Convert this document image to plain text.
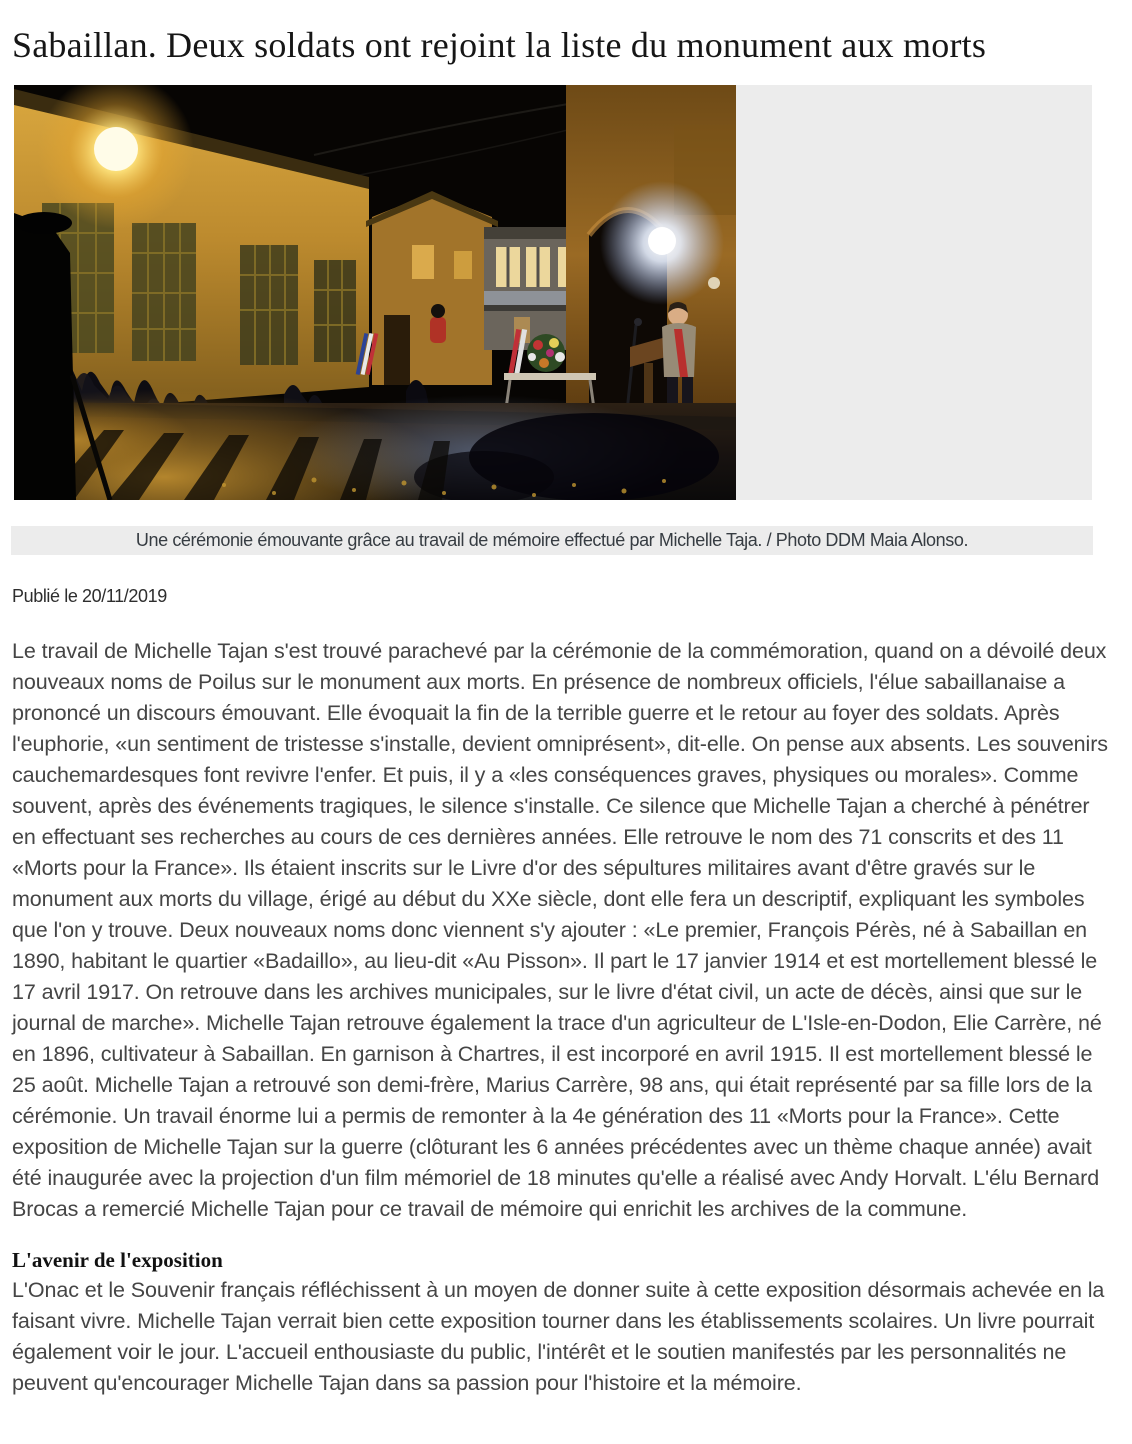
Sabaillan. Deux soldats ont rejoint la liste du monument aux morts
Une cérémonie émouvante grâce au travail de mémoire effectué par Michelle Taja. / Photo DDM Maia Alonso.
Publié le 20/11/2019

Le travail de Michelle Tajan s'est trouvé parachevé par la cérémonie de la commémoration, quand on a dévoilé deux nouveaux noms de Poilus sur le monument aux morts. En présence de nombreux officiels, l'élue sabaillanaise a prononcé un discours émouvant. Elle évoquait la fin de la terrible guerre et le retour au foyer des soldats. Après l'euphorie, «un sentiment de tristesse s'installe, devient omniprésent», dit-elle. On pense aux absents. Les souvenirs cauchemardesques font revivre l'enfer. Et puis, il y a «les conséquences graves, physiques ou morales». Comme souvent, après des événements tragiques, le silence s'installe. Ce silence que Michelle Tajan a cherché à pénétrer en effectuant ses recherches au cours de ces dernières années. Elle retrouve le nom des 71 conscrits et des 11 «Morts pour la France». Ils étaient inscrits sur le Livre d'or des sépultures militaires avant d'être gravés sur le monument aux morts du village, érigé au début du XXe siècle, dont elle fera un descriptif, expliquant les symboles que l'on y trouve. Deux nouveaux noms donc viennent s'y ajouter : «Le premier, François Pérès, né à Sabaillan en 1890, habitant le quartier «Badaillo», au lieu-dit «Au Pisson». Il part le 17 janvier 1914 et est mortellement blessé le 17 avril 1917. On retrouve dans les archives municipales, sur le livre d'état civil, un acte de décès, ainsi que sur le journal de marche». Michelle Tajan retrouve également la trace d'un agriculteur de L'Isle-en-Dodon, Elie Carrère, né en 1896, cultivateur à Sabaillan. En garnison à Chartres, il est incorporé en avril 1915. Il est mortellement blessé le 25 août. Michelle Tajan a retrouvé son demi-frère, Marius Carrère, 98 ans, qui était représenté par sa fille lors de la cérémonie. Un travail énorme lui a permis de remonter à la 4e génération des 11 «Morts pour la France». Cette exposition de Michelle Tajan sur la guerre (clôturant les 6 années précédentes avec un thème chaque année) avait été inaugurée avec la projection d'un film mémoriel de 18 minutes qu'elle a réalisé avec Andy Horvalt. L'élu Bernard Brocas a remercié Michelle Tajan pour ce travail de mémoire qui enrichit les archives de la commune.

L'avenir de l'exposition

L'Onac et le Souvenir français réfléchissent à un moyen de donner suite à cette exposition désormais achevée en la faisant vivre. Michelle Tajan verrait bien cette exposition tourner dans les établissements scolaires. Un livre pourrait également voir le jour. L'accueil enthousiaste du public, l'intérêt et le soutien manifestés par les personnalités ne peuvent qu'encourager Michelle Tajan dans sa passion pour l'histoire et la mémoire.
